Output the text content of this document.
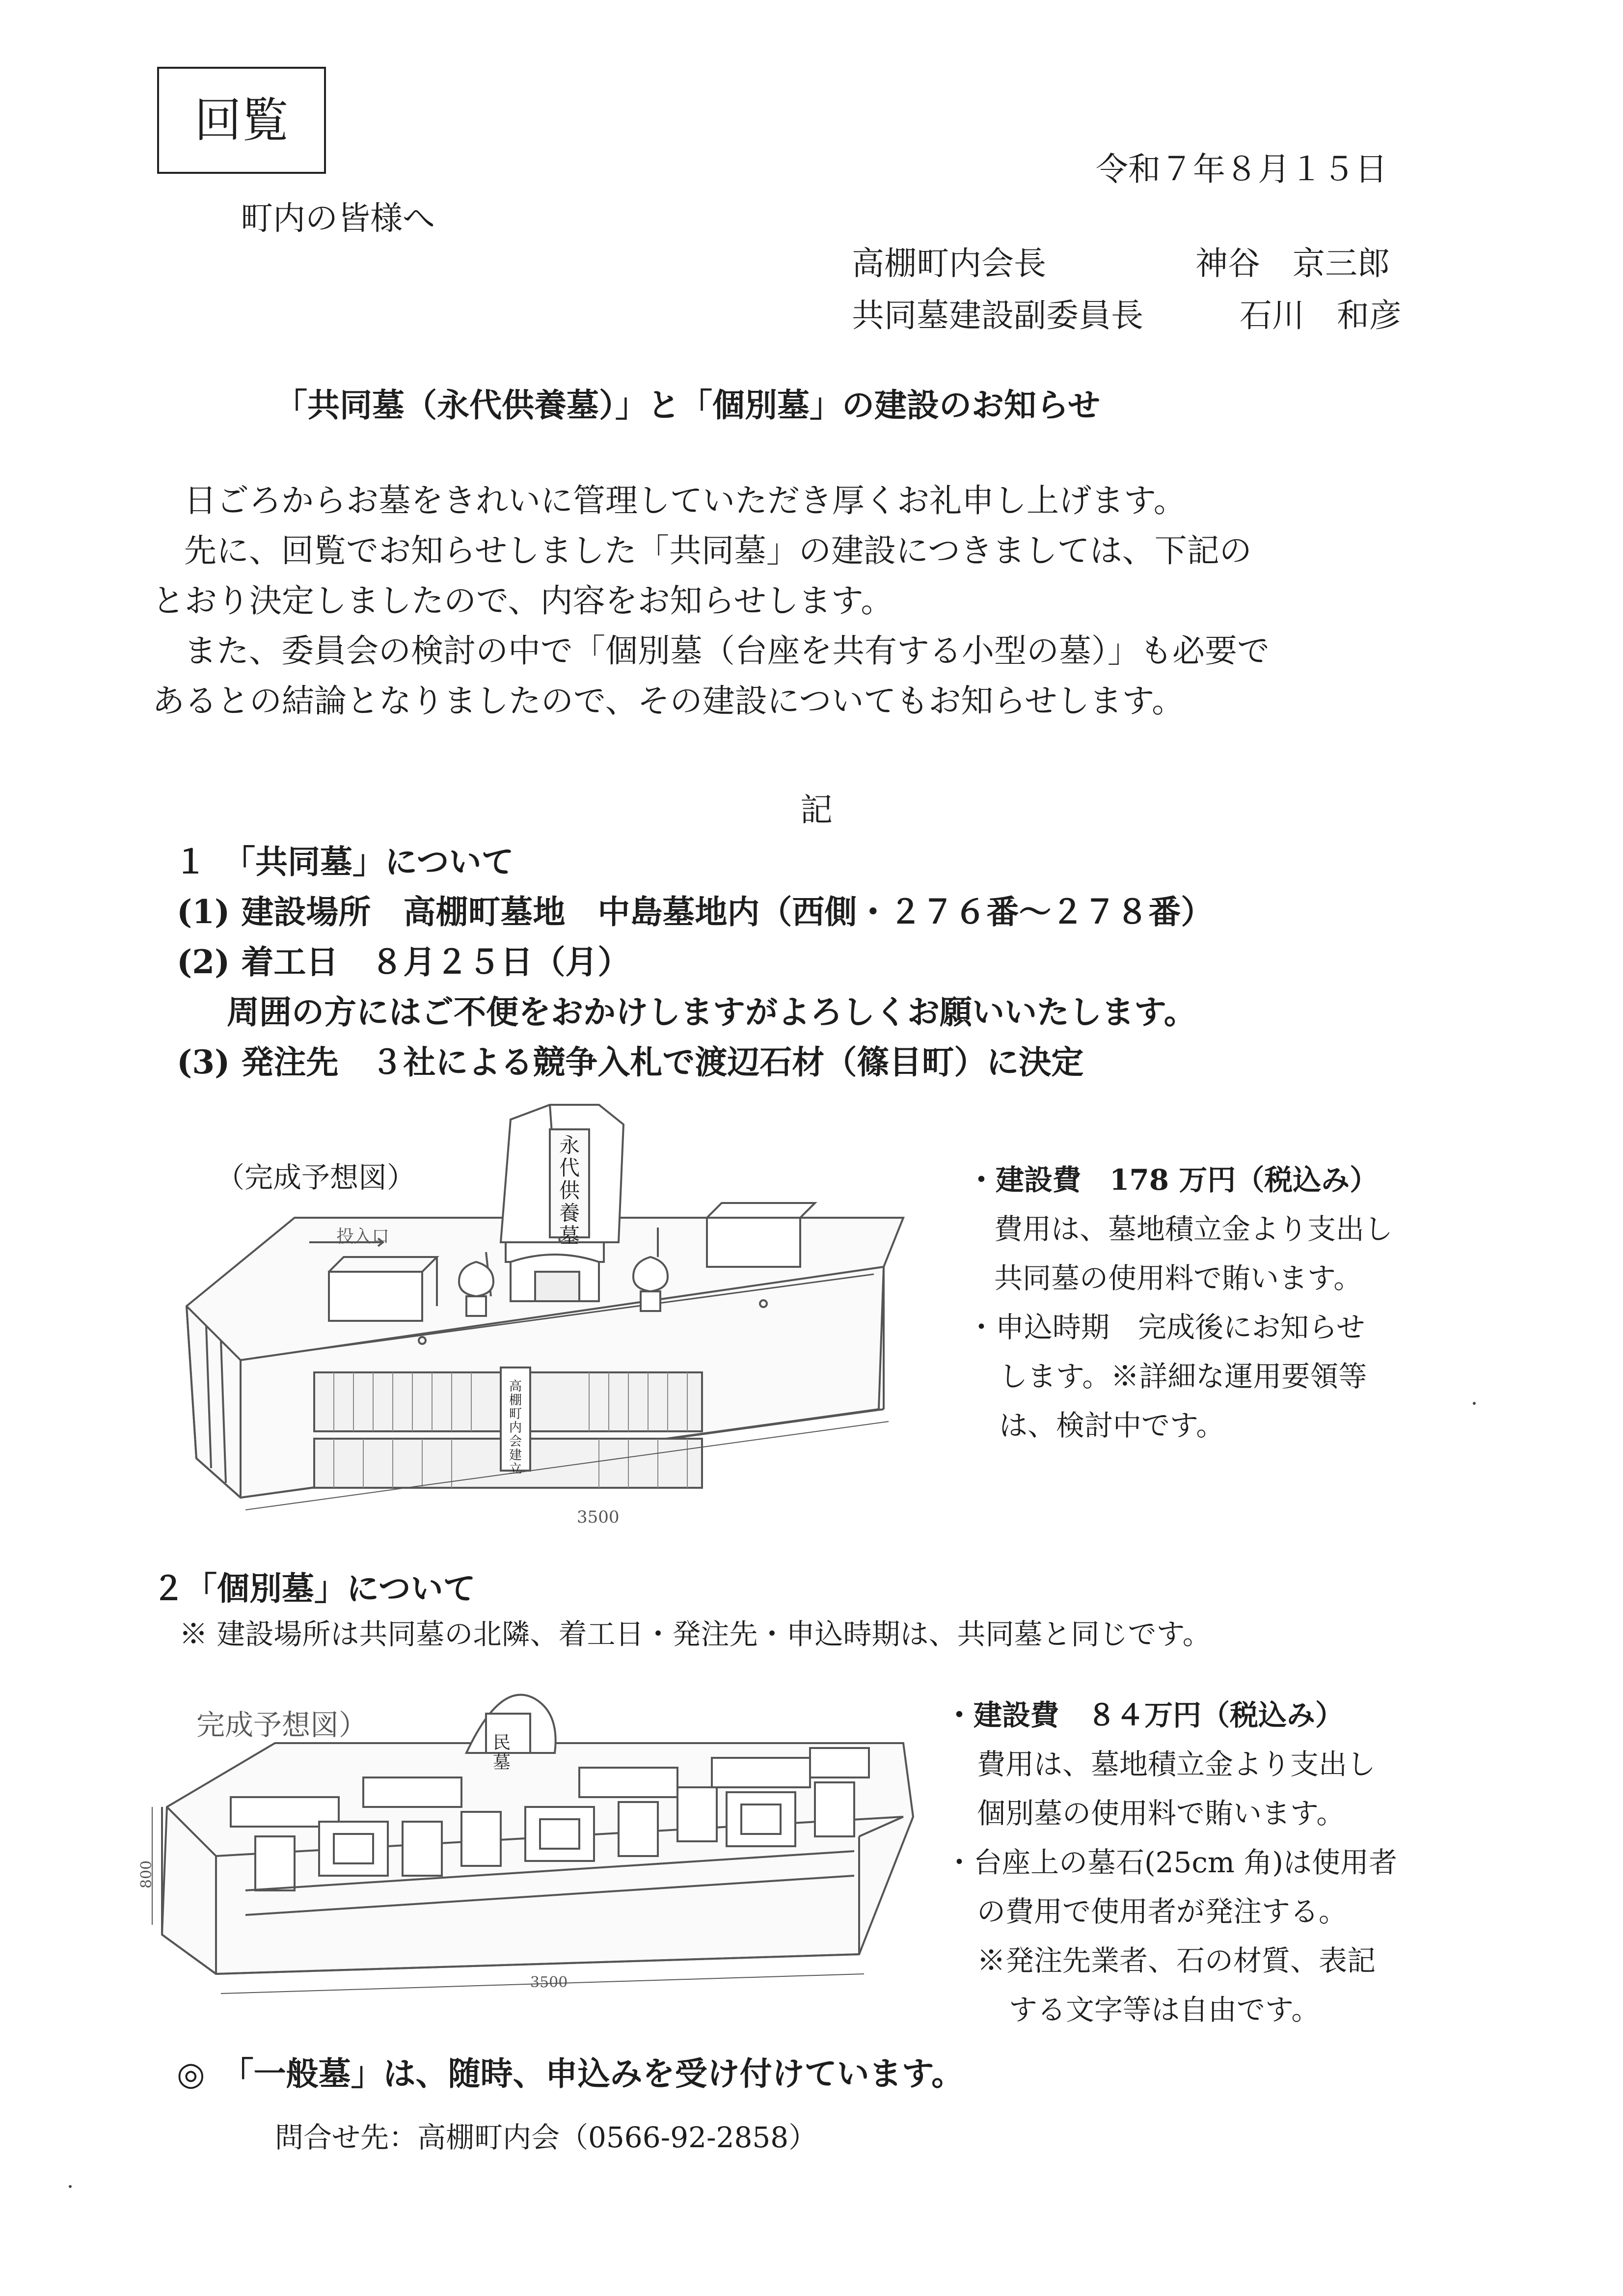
回覧
令和７年８月１５日
町内の皆様へ
高棚町内会長	神谷　京三郎
共同墓建設副委員長	石川　和彦
「共同墓（永代供養墓）」と「個別墓」の建設のお知らせ
日ごろからお墓をきれいに管理していただき厚くお礼申し上げます。
先に、回覧でお知らせしました「共同墓」の建設につきましては、下記の
とおり決定しましたので、内容をお知らせします。
また、委員会の検討の中で「個別墓（台座を共有する小型の墓）」も必要で
あるとの結論となりましたので、その建設についてもお知らせします。
記
１　「共同墓」について
(1) 建設場所　高棚町墓地　中島墓地内（西側・２７６番～２７８番）
(2) 着工日　８月２５日（月）
周囲の方にはご不便をおかけしますがよろしくお願いいたします。
(3) 発注先　３社による競争入札で渡辺石材（篠目町）に決定
（完成予想図）
投入口
永代供養墓
高棚町内会建立
3500
・建設費　178 万円（税込み）
費用は、墓地積立金より支出し
共同墓の使用料で賄います。
・申込時期　完成後にお知らせ
します。※詳細な運用要領等
は、検討中です。
２「個別墓」について
※ 建設場所は共同墓の北隣、着工日・発注先・申込時期は、共同墓と同じです。
民墓
800
3500
完成予想図）	・建設費　８４万円（税込み）
費用は、墓地積立金より支出し
個別墓の使用料で賄います。
・台座上の墓石(25cm 角)は使用者
の費用で使用者が発注する。
※発注先業者、石の材質、表記
する文字等は自由です。
◎　「一般墓」は、随時、申込みを受け付けています。
問合せ先：高棚町内会（0566-92-2858）
